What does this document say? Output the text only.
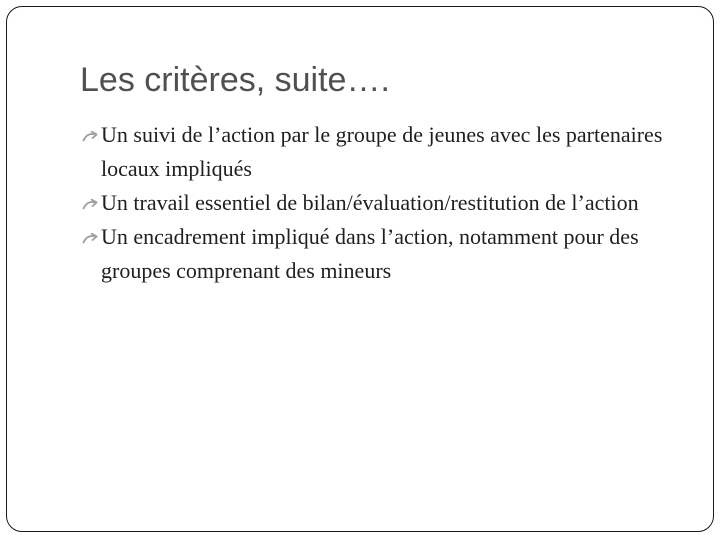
Les critères, suite….
Un suivi de l’action par le groupe de jeunes avec les partenaires locaux impliqués
Un travail essentiel de bilan/évaluation/restitution de l’action
Un encadrement impliqué dans l’action, notamment pour des groupes comprenant des mineurs
